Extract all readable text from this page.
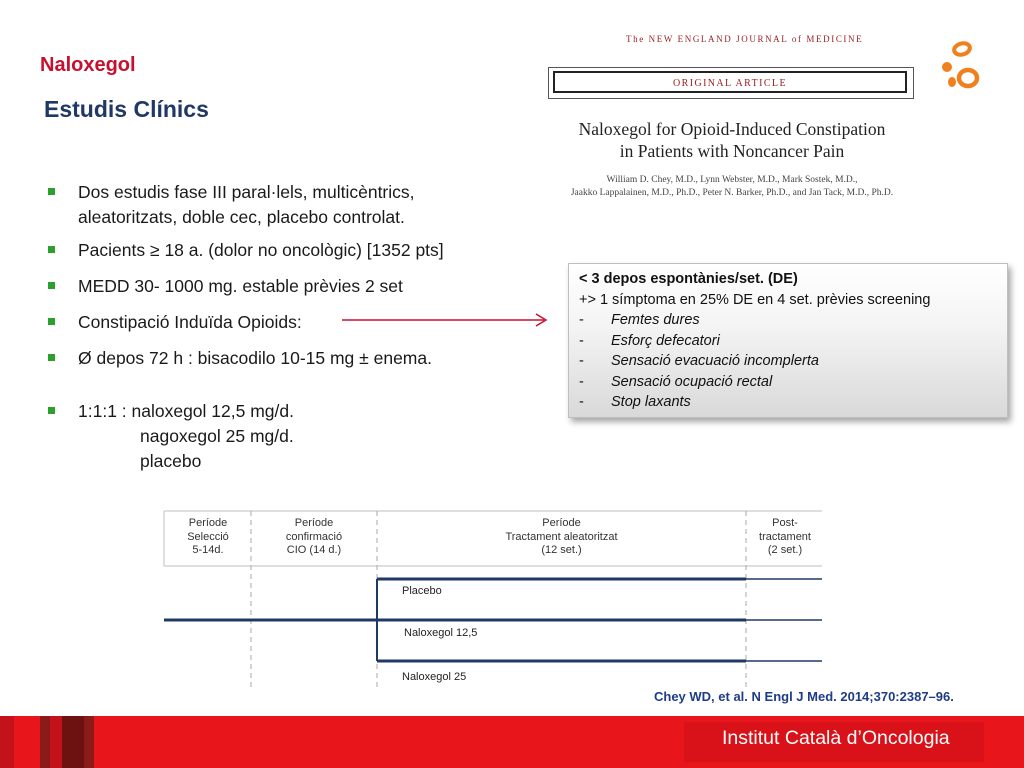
Naloxegol
Estudis Clínics
Dos estudis fase III paral·lels, multicèntrics,
aleatoritzats, doble cec, placebo controlat.
Pacients ≥ 18 a. (dolor no oncològic) [1352 pts]
MEDD 30- 1000 mg. estable prèvies 2 set
Constipació Induïda Opioids:
Ø depos 72 h : bisacodilo 10-15 mg ± enema.
1:1:1 : naloxegol 12,5 mg/d.
nagoxegol 25 mg/d.
placebo
The NEW ENGLAND JOURNAL of MEDICINE
ORIGINAL ARTICLE
Naloxegol for Opioid-Induced Constipation
in Patients with Noncancer Pain
William D. Chey, M.D., Lynn Webster, M.D., Mark Sostek, M.D.,
Jaakko Lappalainen, M.D., Ph.D., Peter N. Barker, Ph.D., and Jan Tack, M.D., Ph.D.
< 3 depos espontànies/set. (DE)
+> 1 símptoma en 25% DE en 4 set. prèvies screening
- Femtes dures
- Esforç defecatori
- Sensació evacuació incomplerta
- Sensació ocupació rectal
- Stop laxants
Període
Selecció
5-14d.
Període
confirmació
CIO (14 d.)
Període
Tractament aleatoritzat
(12 set.)
Post-
tractament
(2 set.)
Placebo
Naloxegol 12,5
Naloxegol 25
Chey WD, et al. N Engl J Med. 2014;370:2387–96.
Institut Català d’Oncologia
